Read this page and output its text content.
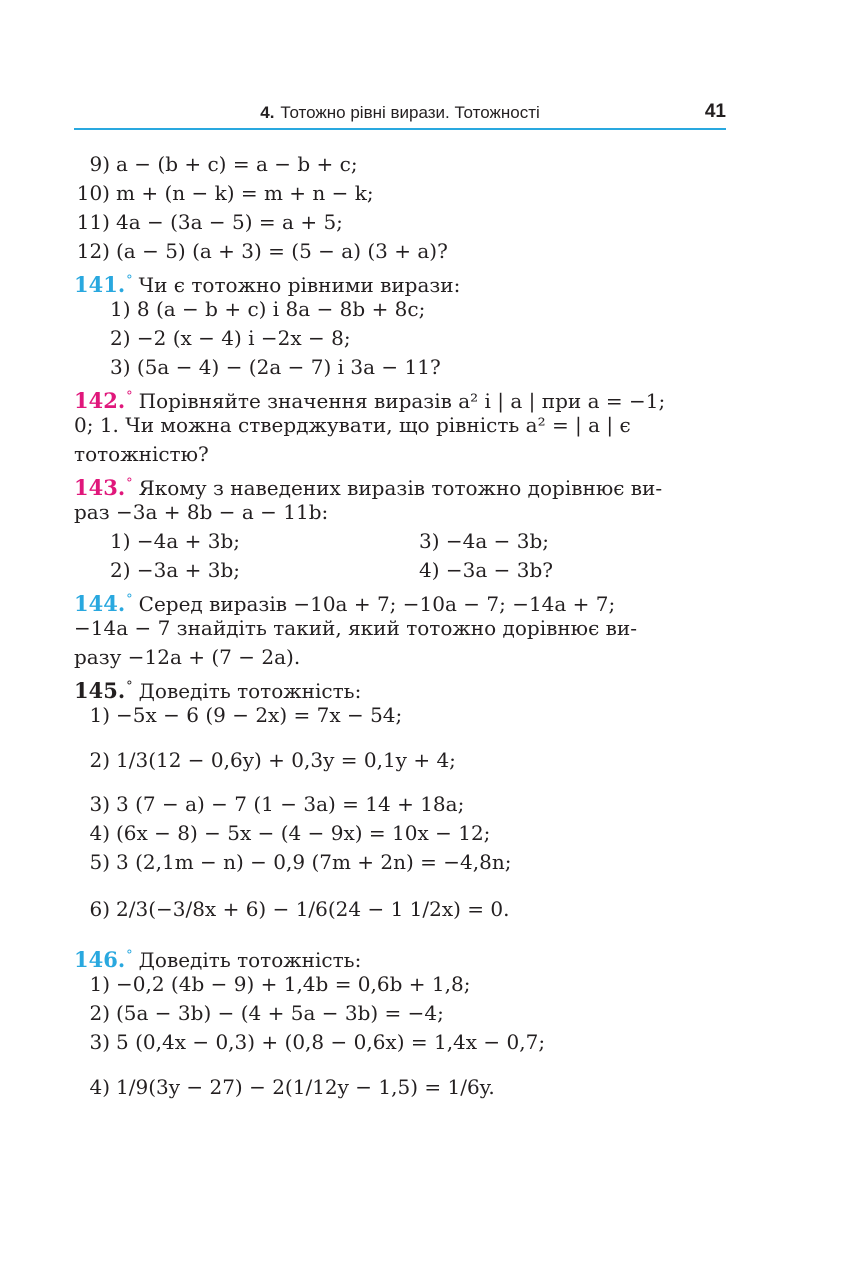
4. Тотожно рівні вирази. Тотожності	41
9) a − (b + c) = a − b + c;
10) m + (n − k) = m + n − k;
11) 4a − (3a − 5) = a + 5;
12) (a − 5) (a + 3) = (5 − a) (3 + a)?
141.° Чи є тотожно рівними вирази:
1) 8 (a − b + c) і 8a − 8b + 8c;
2) −2 (x − 4) і −2x − 8;
3) (5a − 4) − (2a − 7) і 3a − 11?
142.° Порівняйте значення виразів a² і | a | при a = −1;
0; 1. Чи можна стверджувати, що рівність a² = | a | є
тотожністю?
143.° Якому з наведених виразів тотожно дорівнює ви-
раз −3a + 8b − a − 11b:
1) −4a + 3b;	3) −4a − 3b;
2) −3a + 3b;	4) −3a − 3b?
144.° Серед виразів −10a + 7; −10a − 7; −14a + 7;
−14a − 7 знайдіть такий, який тотожно дорівнює ви-
разу −12a + (7 − 2a).
145.° Доведіть тотожність:
1) −5x − 6 (9 − 2x) = 7x − 54;
2) 1/3(12 − 0,6y) + 0,3y = 0,1y + 4;
3) 3 (7 − a) − 7 (1 − 3a) = 14 + 18a;
4) (6x − 8) − 5x − (4 − 9x) = 10x − 12;
5) 3 (2,1m − n) − 0,9 (7m + 2n) = −4,8n;
6) 2/3(−3/8x + 6) − 1/6(24 − 1 1/2x) = 0.
146.° Доведіть тотожність:
1) −0,2 (4b − 9) + 1,4b = 0,6b + 1,8;
2) (5a − 3b) − (4 + 5a − 3b) = −4;
3) 5 (0,4x − 0,3) + (0,8 − 0,6x) = 1,4x − 0,7;
4) 1/9(3y − 27) − 2(1/12y − 1,5) = 1/6y.
